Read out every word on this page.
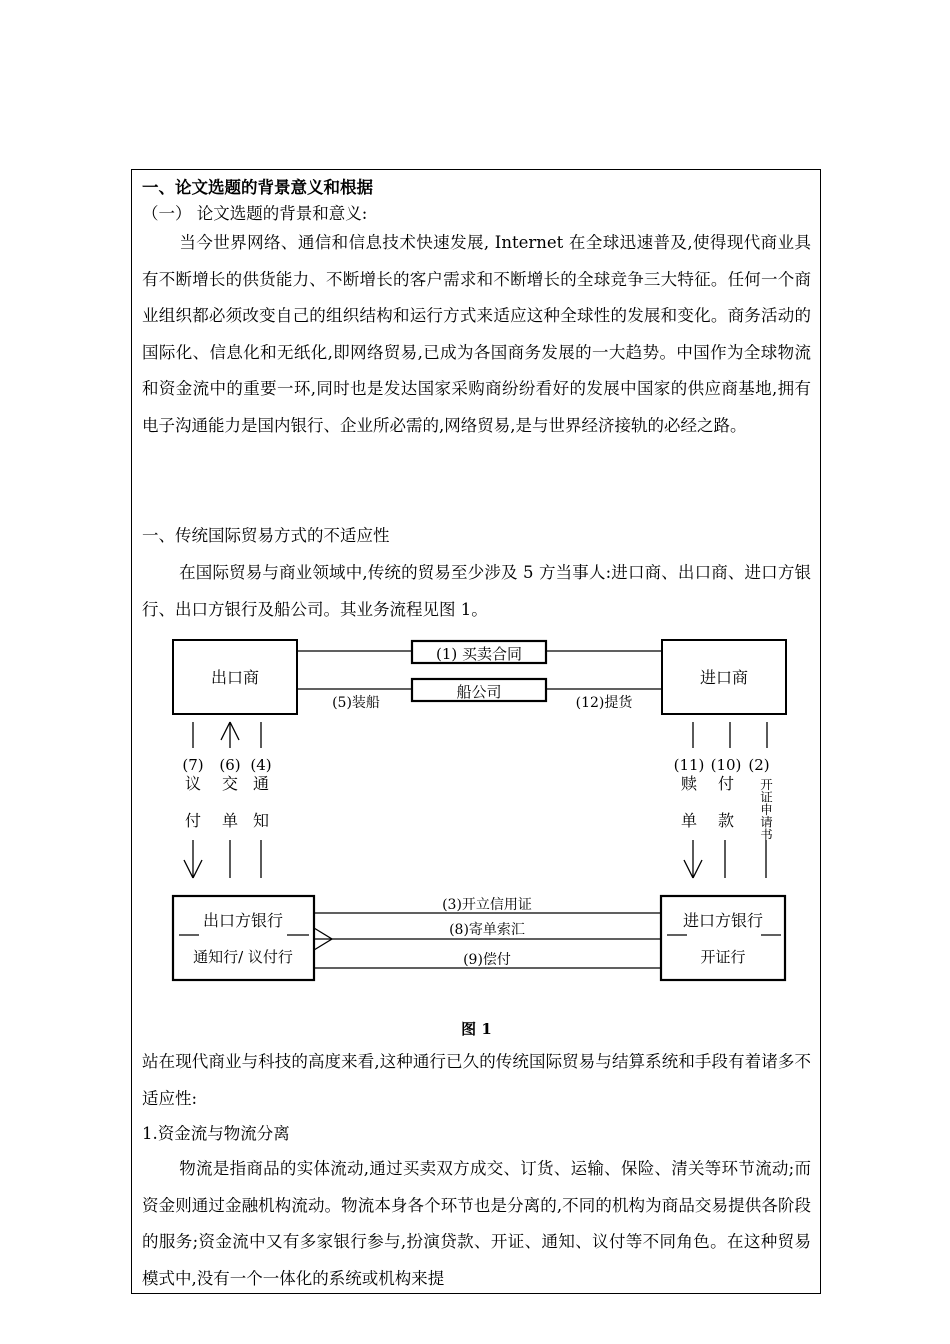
一、论文选题的背景意义和根据
（一） 论文选题的背景和意义:
当今世界网络、通信和信息技术快速发展, Internet 在全球迅速普及,使得现代商业具有不断增长的供货能力、不断增长的客户需求和不断增长的全球竞争三大特征。任何一个商业组织都必须改变自己的组织结构和运行方式来适应这种全球性的发展和变化。商务活动的国际化、信息化和无纸化,即网络贸易,已成为各国商务发展的一大趋势。中国作为全球物流和资金流中的重要一环,同时也是发达国家采购商纷纷看好的发展中国家的供应商基地,拥有电子沟通能力是国内银行、企业所必需的,网络贸易,是与世界经济接轨的必经之路。
一、传统国际贸易方式的不适应性
在国际贸易与商业领域中,传统的贸易至少涉及 5 方当事人:进口商、出口商、进口方银行、出口方银行及船公司。其业务流程见图 1。
出口商	进口商
(1) 买卖合同
船公司
(5)装船	(12)提货
(7) (6) (4)
议
付
交
单
通
知
(11) (10) (2)
赎
单
付
款 开证申请书
出口方银行
通知行/ 议付行
进口方银行
开证行
(3)开立信用证
(8)寄单索汇
(9)偿付
图 1
站在现代商业与科技的高度来看,这种通行已久的传统国际贸易与结算系统和手段有着诸多不适应性:
1.资金流与物流分离
物流是指商品的实体流动,通过买卖双方成交、订货、运输、保险、清关等环节流动;而资金则通过金融机构流动。物流本身各个环节也是分离的,不同的机构为商品交易提供各阶段的服务;资金流中又有多家银行参与,扮演贷款、开证、通知、议付等不同角色。在这种贸易模式中,没有一个一体化的系统或机构来提
